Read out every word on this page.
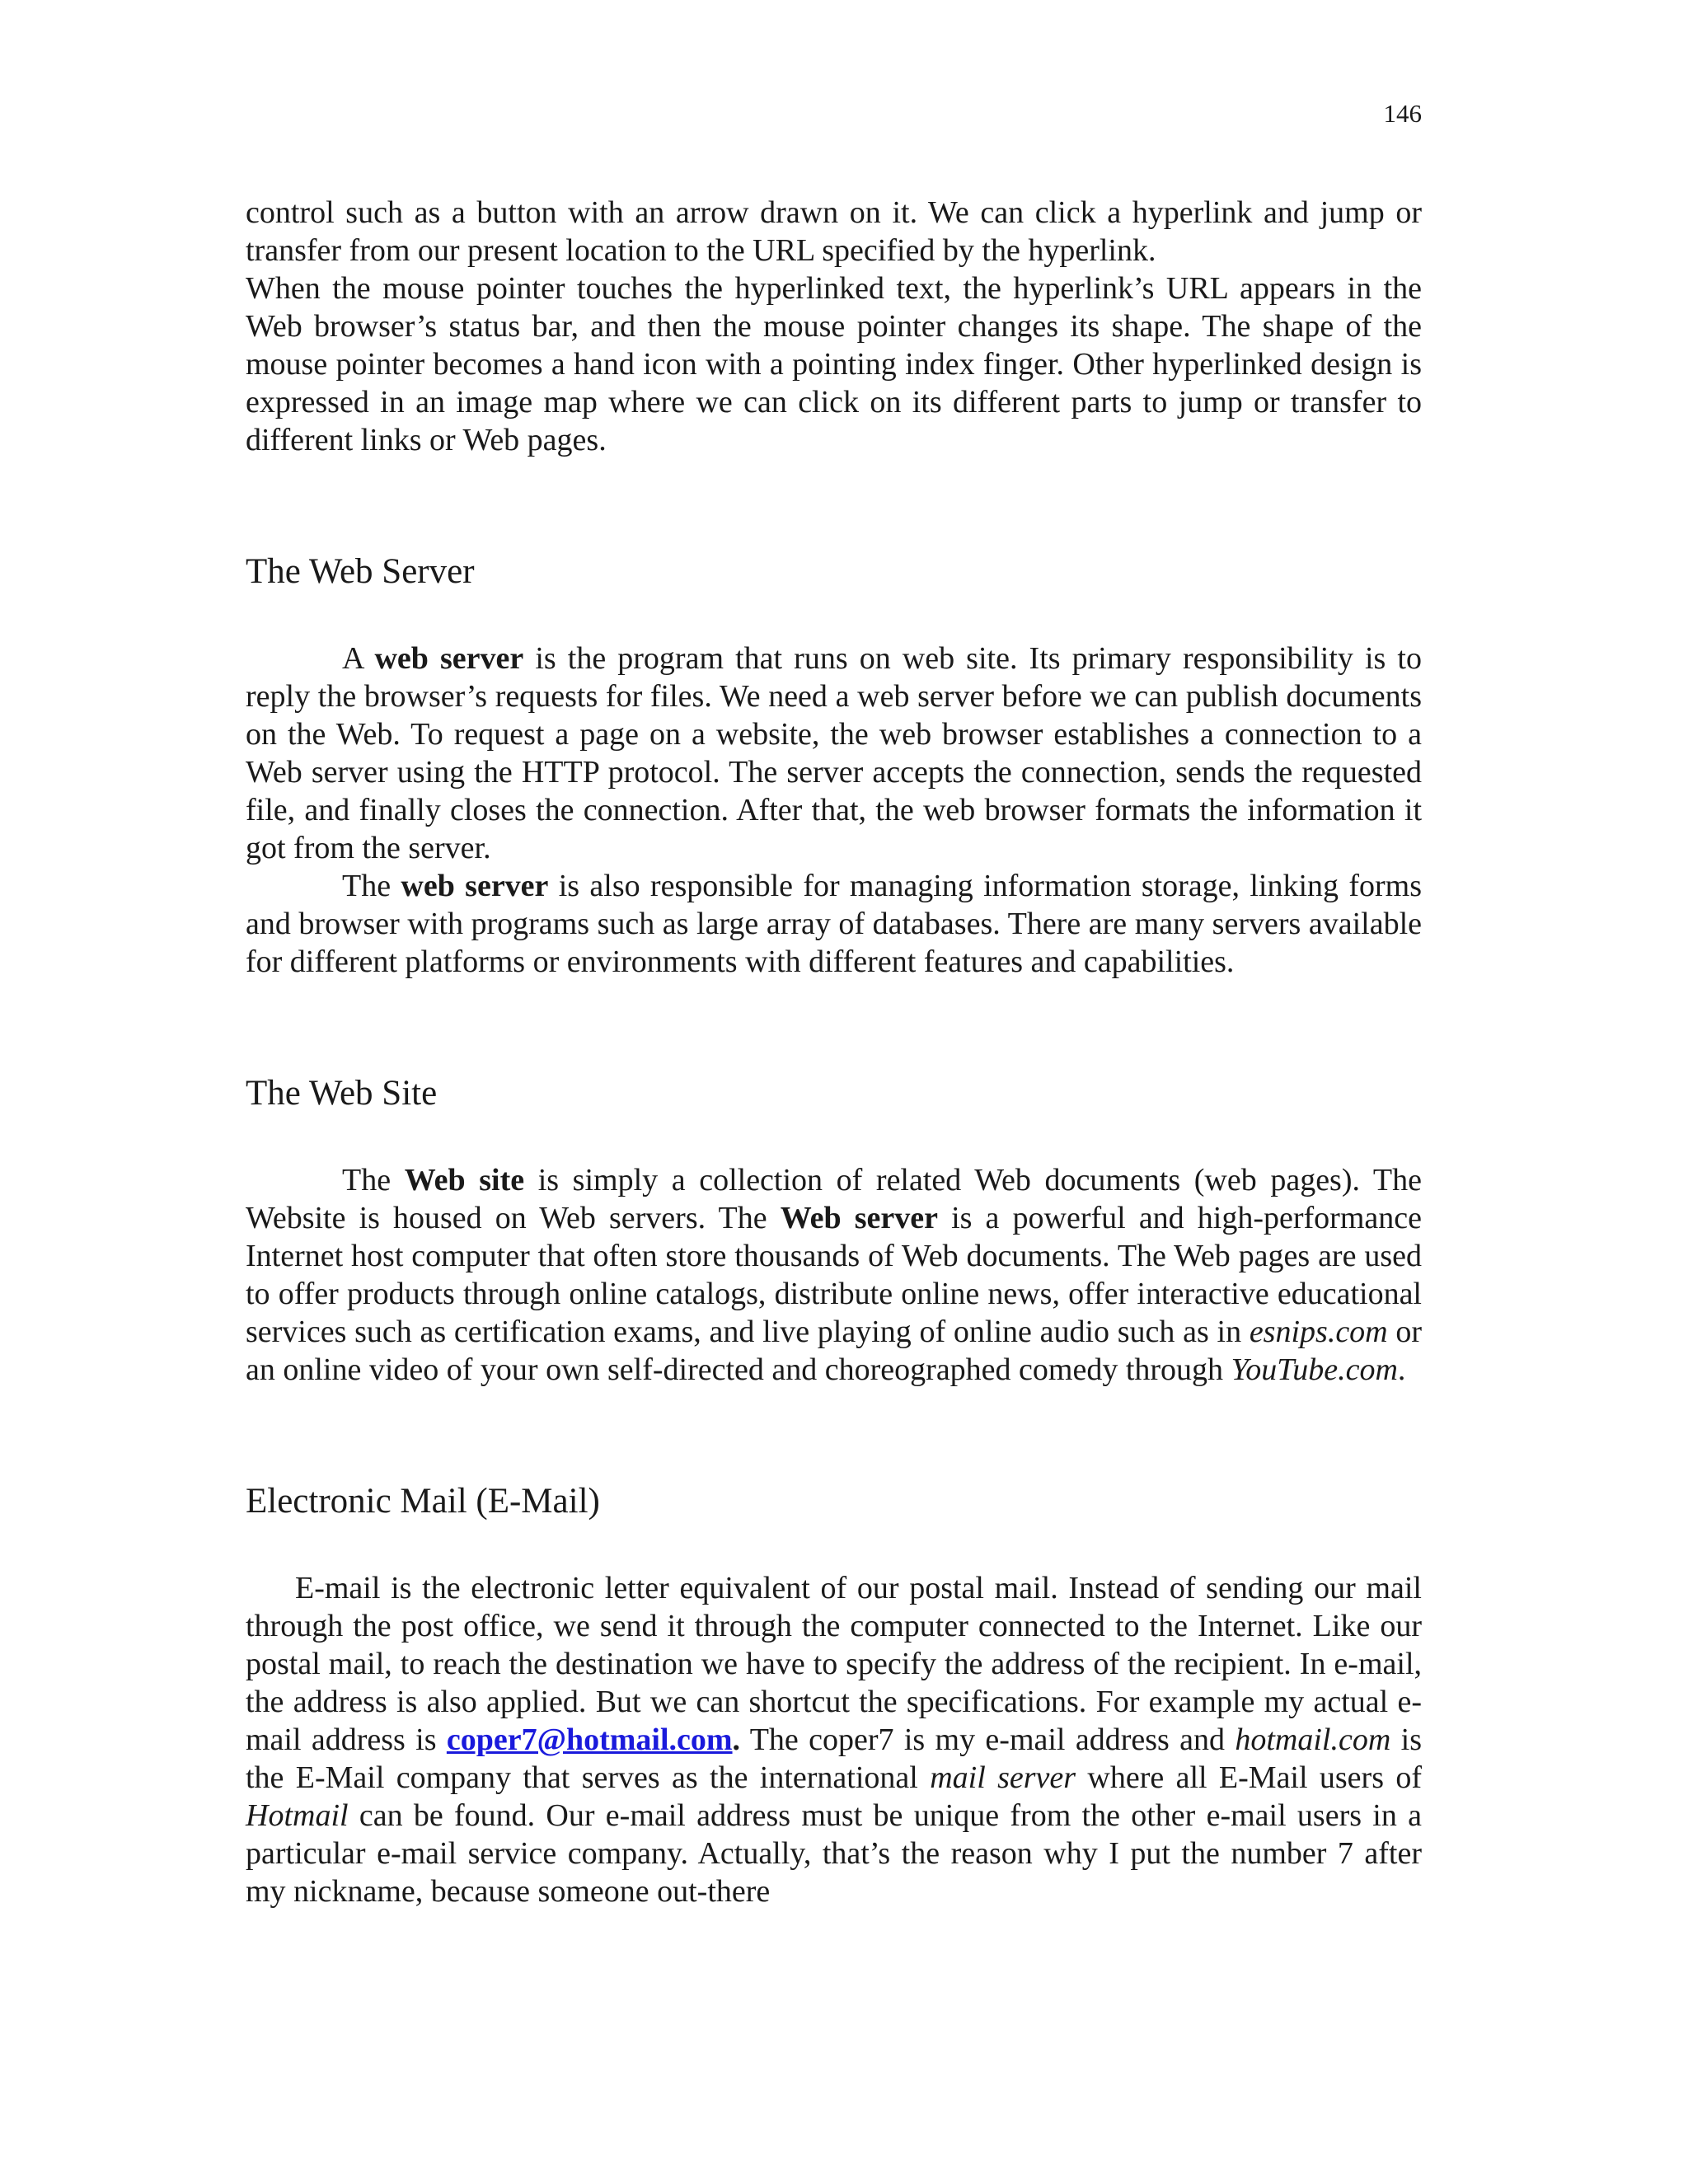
146

control such as a button with an arrow drawn on it. We can click a hyperlink and jump or transfer from our present location to the URL specified by the hyperlink.

When the mouse pointer touches the hyperlinked text, the hyperlink’s URL appears in the Web browser’s status bar, and then the mouse pointer changes its shape. The shape of the mouse pointer becomes a hand icon with a pointing index finger. Other hyperlinked design is expressed in an image map where we can click on its different parts to jump or transfer to different links or Web pages.

The Web Server

A web server is the program that runs on web site. Its primary responsibility is to reply the browser’s requests for files. We need a web server before we can publish documents on the Web. To request a page on a website, the web browser establishes a connection to a Web server using the HTTP protocol. The server accepts the connection, sends the requested file, and finally closes the connection. After that, the web browser formats the information it got from the server.

The web server is also responsible for managing information storage, linking forms and browser with programs such as large array of databases. There are many servers available for different platforms or environments with different features and capabilities.

The Web Site

The Web site is simply a collection of related Web documents (web pages). The Website is housed on Web servers. The Web server is a powerful and high-performance Internet host computer that often store thousands of Web documents. The Web pages are used to offer products through online catalogs, distribute online news, offer interactive educational services such as certification exams, and live playing of online audio such as in esnips.com or an online video of your own self-directed and choreographed comedy through YouTube.com.

Electronic Mail (E-Mail)

E-mail is the electronic letter equivalent of our postal mail. Instead of sending our mail through the post office, we send it through the computer connected to the Internet. Like our postal mail, to reach the destination we have to specify the address of the recipient. In e-mail, the address is also applied. But we can shortcut the specifications. For example my actual e-mail address is coper7@hotmail.com. The coper7 is my e-mail address and hotmail.com is the E-Mail company that serves as the international mail server where all E-Mail users of Hotmail can be found. Our e-mail address must be unique from the other e-mail users in a particular e-mail service company. Actually, that’s the reason why I put the number 7 after my nickname, because someone out-there
